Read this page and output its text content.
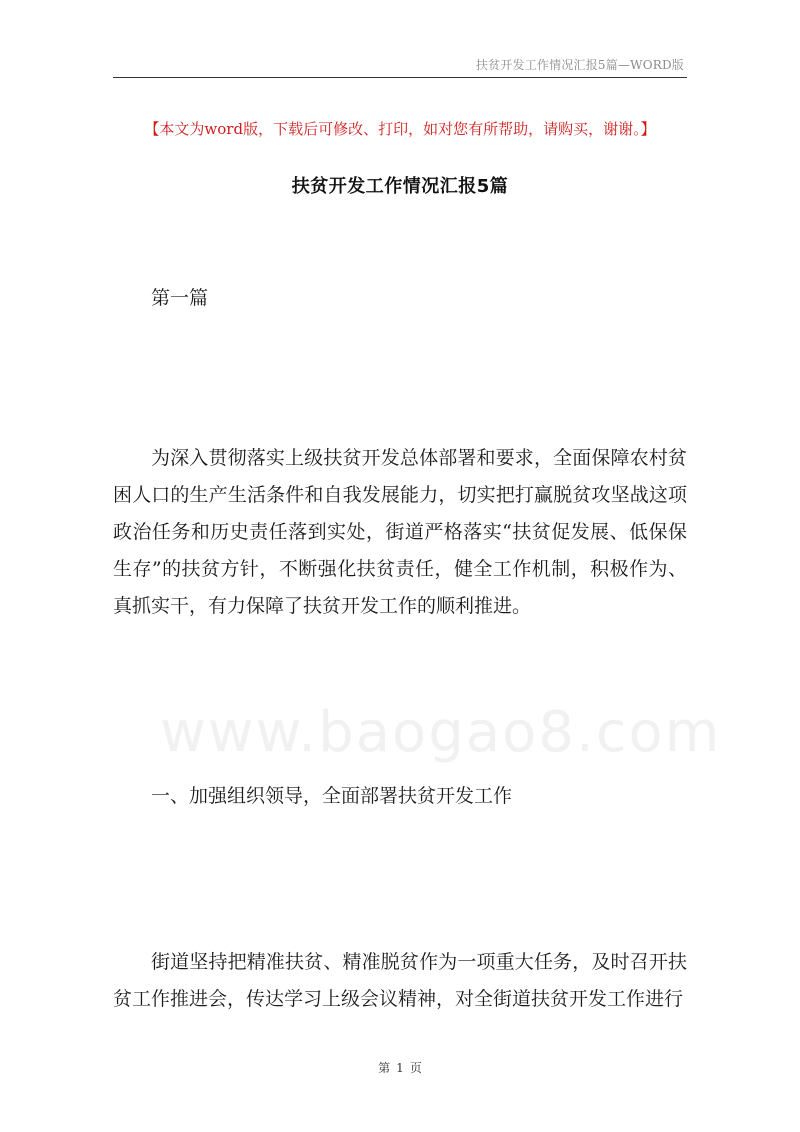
扶贫开发工作情况汇报5篇—WORD版
www.baogao8.com
【本文为word版，下载后可修改、打印，如对您有所帮助，请购买，谢谢。】
扶贫开发工作情况汇报5篇

第一篇

为深入贯彻落实上级扶贫开发总体部署和要求，全面保障农村贫困人口的生产生活条件和自我发展能力，切实把打赢脱贫攻坚战这项政治任务和历史责任落到实处，街道严格落实“扶贫促发展、低保保生存”的扶贫方针，不断强化扶贫责任，健全工作机制，积极作为、真抓实干，有力保障了扶贫开发工作的顺利推进。

一、加强组织领导，全面部署扶贫开发工作

街道坚持把精准扶贫、精准脱贫作为一项重大任务，及时召开扶贫工作推进会，传达学习上级会议精神，对全街道扶贫开发工作进行

第 1 页
